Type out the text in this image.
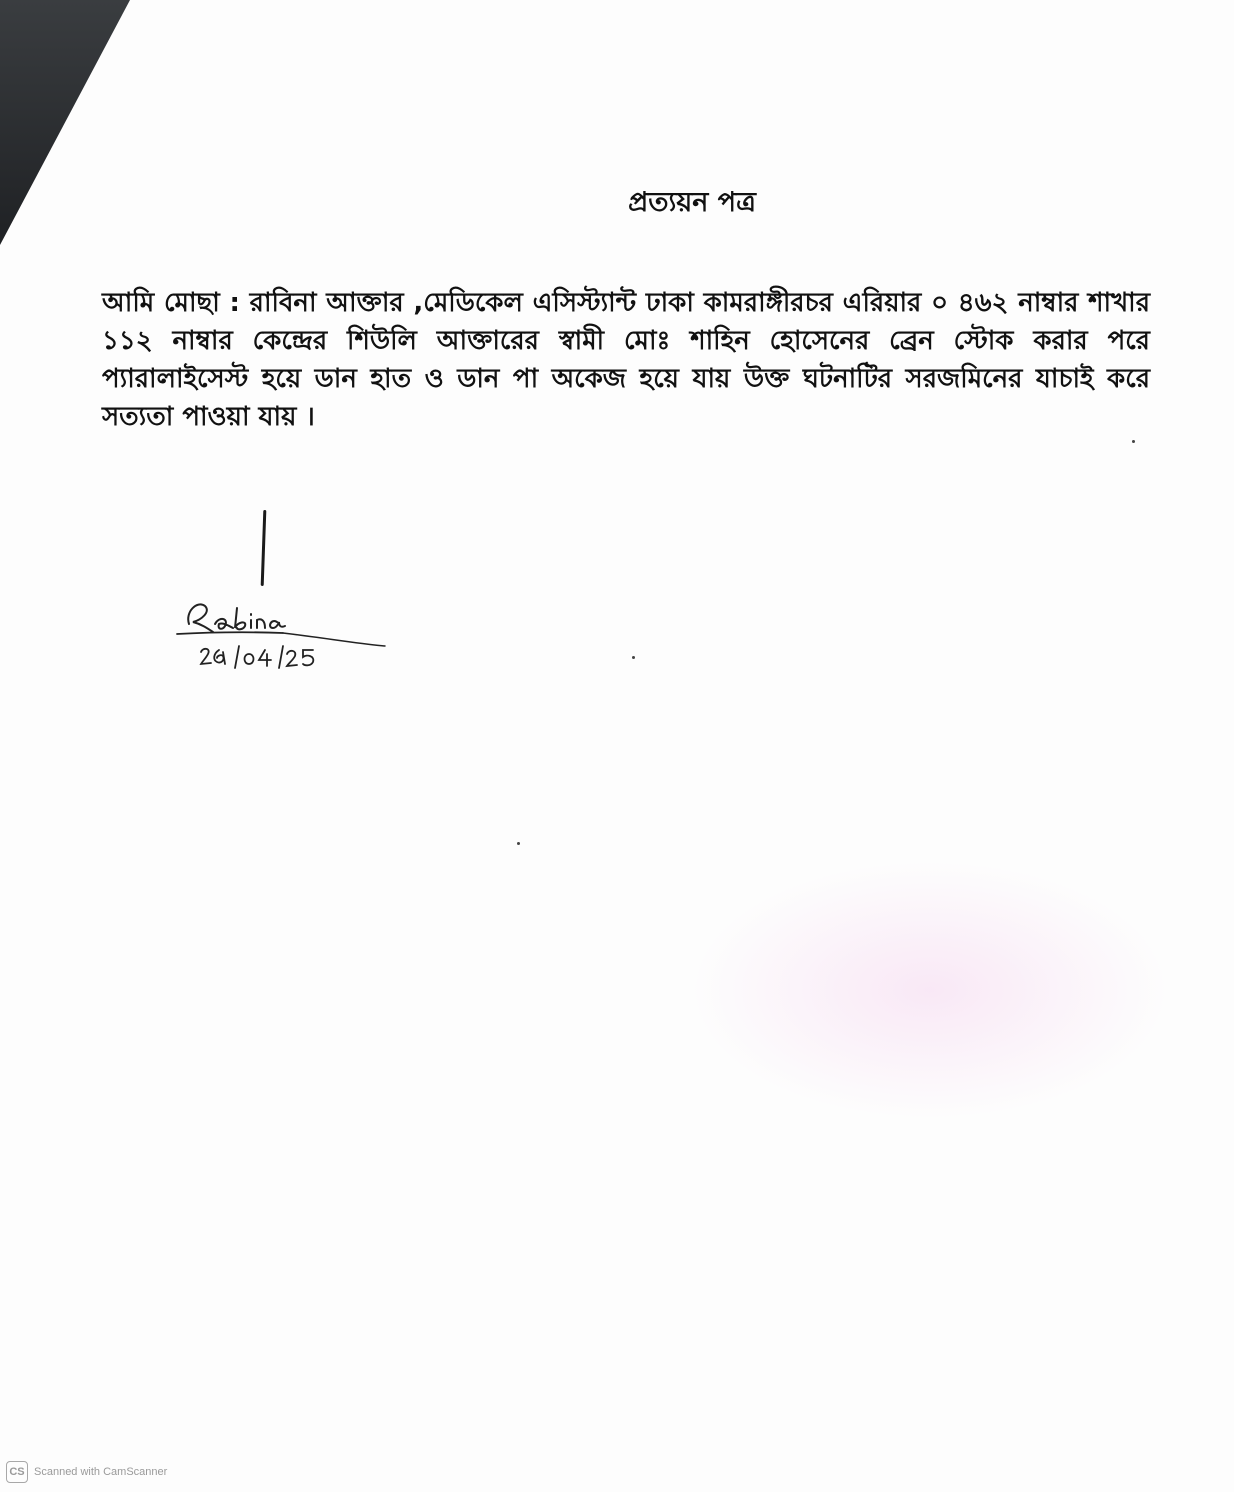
প্রত্যয়ন পত্র
আমি মোছা : রাবিনা আক্তার ,মেডিকেল এসিস্ট্যান্ট ঢাকা কামরাঙ্গীরচর এরিয়ার ০ ৪৬২ নাম্বার শাখার ১১২ নাম্বার কেন্দ্রের শিউলি আক্তারের স্বামী মোঃ শাহিন হোসেনের ব্রেন স্টোক করার পরে প্যারালাইসেস্ট হয়ে ডান হাত ও ডান পা অকেজ হয়ে যায় উক্ত ঘটনাটির সরজমিনের যাচাই করে সত্যতা পাওয়া যায় ।
CS Scanned with CamScanner
